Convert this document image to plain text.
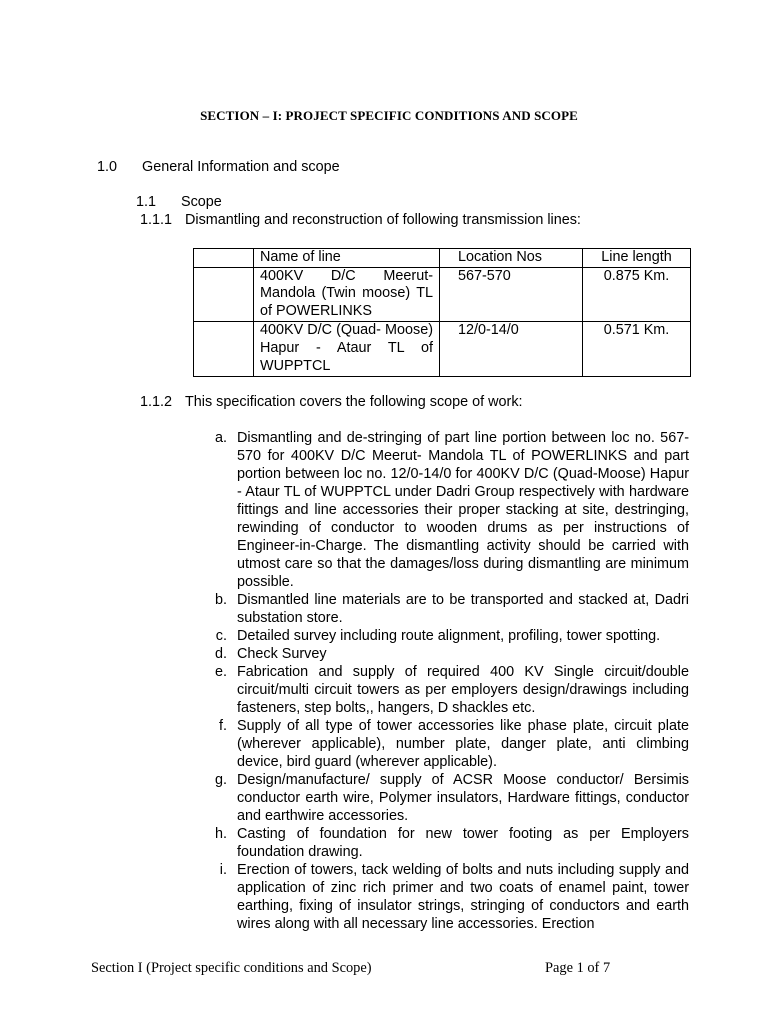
SECTION – I: PROJECT SPECIFIC CONDITIONS AND SCOPE
1.0 General Information and scope
1.1 Scope
1.1.1 Dismantling and reconstruction of following transmission lines:
	Name of line	Location Nos	Line length
	400KV D/C Meerut- Mandola (Twin moose) TL of POWERLINKS	567-570	0.875 Km.
	400KV D/C (Quad- Moose) Hapur - Ataur TL of WUPPTCL	12/0-14/0	0.571 Km.
1.1.2 This specification covers the following scope of work:
a. Dismantling and de-stringing of part line portion between loc no. 567-570 for 400KV D/C Meerut- Mandola TL of POWERLINKS and part portion between loc no. 12/0-14/0 for 400KV D/C (Quad-Moose) Hapur - Ataur TL of WUPPTCL under Dadri Group respectively with hardware fittings and line accessories their proper stacking at site, destringing, rewinding of conductor to wooden drums as per instructions of Engineer-in-Charge. The dismantling activity should be carried with utmost care so that the damages/loss during dismantling are minimum possible.
b. Dismantled line materials are to be transported and stacked at, Dadri substation store.
c. Detailed survey including route alignment, profiling, tower spotting.
d. Check Survey
e. Fabrication and supply of required 400 KV Single circuit/double circuit/multi circuit towers as per employers design/drawings including fasteners, step bolts,, hangers, D shackles etc.
f. Supply of all type of tower accessories like phase plate, circuit plate (wherever applicable), number plate, danger plate, anti climbing device, bird guard (wherever applicable).
g. Design/manufacture/ supply of ACSR Moose conductor/ Bersimis conductor earth wire, Polymer insulators, Hardware fittings, conductor and earthwire accessories.
h. Casting of foundation for new tower footing as per Employers foundation drawing.
i. Erection of towers, tack welding of bolts and nuts including supply and application of zinc rich primer and two coats of enamel paint, tower earthing, fixing of insulator strings, stringing of conductors and earth wires along with all necessary line accessories. Erection
Section I (Project specific conditions and Scope)	Page 1 of 7
